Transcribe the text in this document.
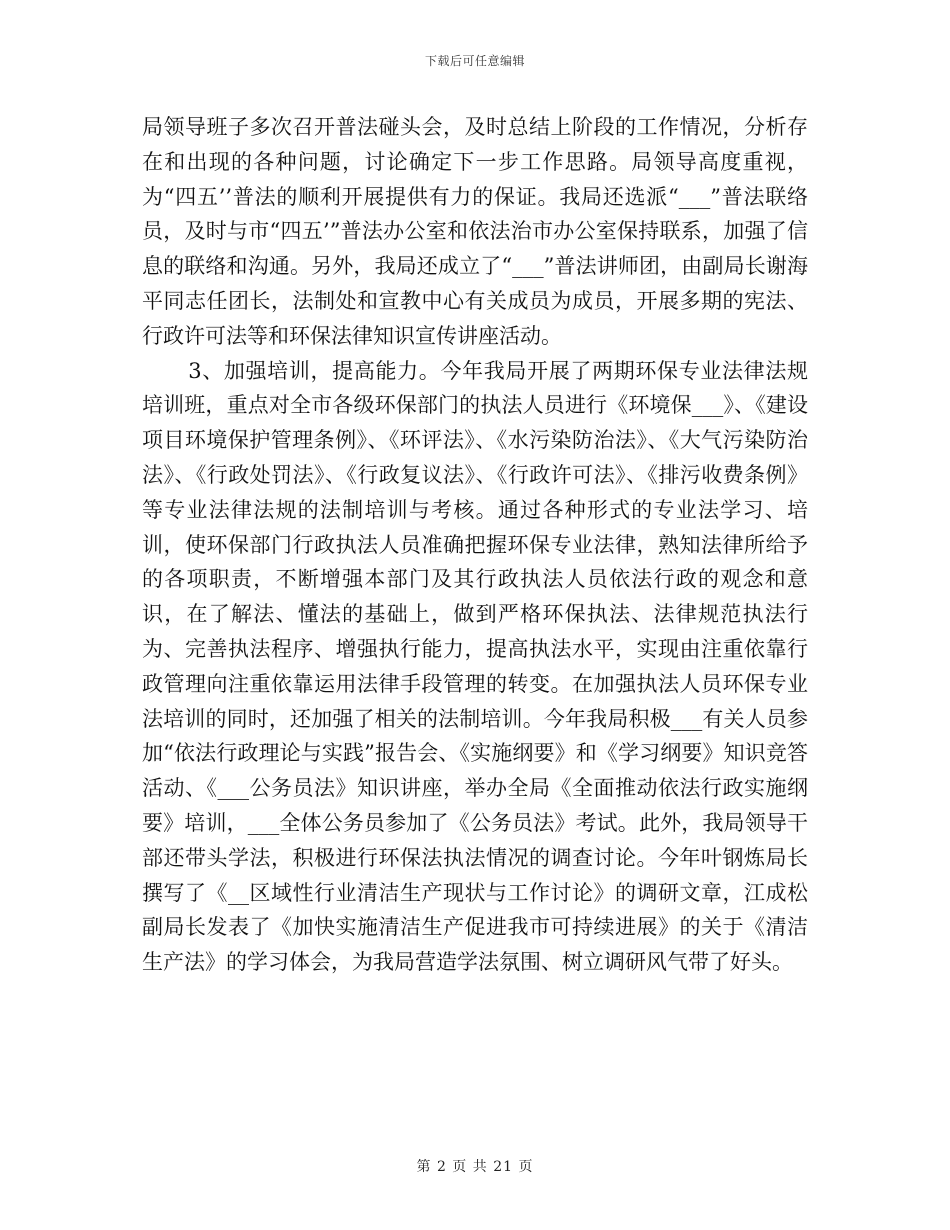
下载后可任意编辑

局领导班子多次召开普法碰头会，及时总结上阶段的工作情况，分析存在和出现的各种问题，讨论确定下一步工作思路。局领导高度重视，为“四五’’普法的顺利开展提供有力的保证。我局还选派“___”普法联络员，及时与市“四五’”普法办公室和依法治市办公室保持联系，加强了信息的联络和沟通。另外，我局还成立了“___”普法讲师团，由副局长谢海平同志任团长，法制处和宣教中心有关成员为成员，开展多期的宪法、行政许可法等和环保法律知识宣传讲座活动。

3、加强培训，提高能力。今年我局开展了两期环保专业法律法规培训班，重点对全市各级环保部门的执法人员进行《环境保___》、《建设项目环境保护管理条例》、《环评法》、《水污染防治法》、《大气污染防治法》、《行政处罚法》、《行政复议法》、《行政许可法》、《排污收费条例》等专业法律法规的法制培训与考核。通过各种形式的专业法学习、培训，使环保部门行政执法人员准确把握环保专业法律，熟知法律所给予的各项职责，不断增强本部门及其行政执法人员依法行政的观念和意识，在了解法、懂法的基础上，做到严格环保执法、法律规范执法行为、完善执法程序、增强执行能力，提高执法水平，实现由注重依靠行政管理向注重依靠运用法律手段管理的转变。在加强执法人员环保专业法培训的同时，还加强了相关的法制培训。今年我局积极___有关人员参加“依法行政理论与实践”报告会、《实施纲要》和《学习纲要》知识竞答活动、《___公务员法》知识讲座，举办全局《全面推动依法行政实施纲要》培训，___全体公务员参加了《公务员法》考试。此外，我局领导干部还带头学法，积极进行环保法执法情况的调查讨论。今年叶钢炼局长撰写了《__区域性行业清洁生产现状与工作讨论》的调研文章，江成松副局长发表了《加快实施清洁生产促进我市可持续进展》的关于《清洁生产法》的学习体会，为我局营造学法氛围、树立调研风气带了好头。

第 2 页 共 21 页
